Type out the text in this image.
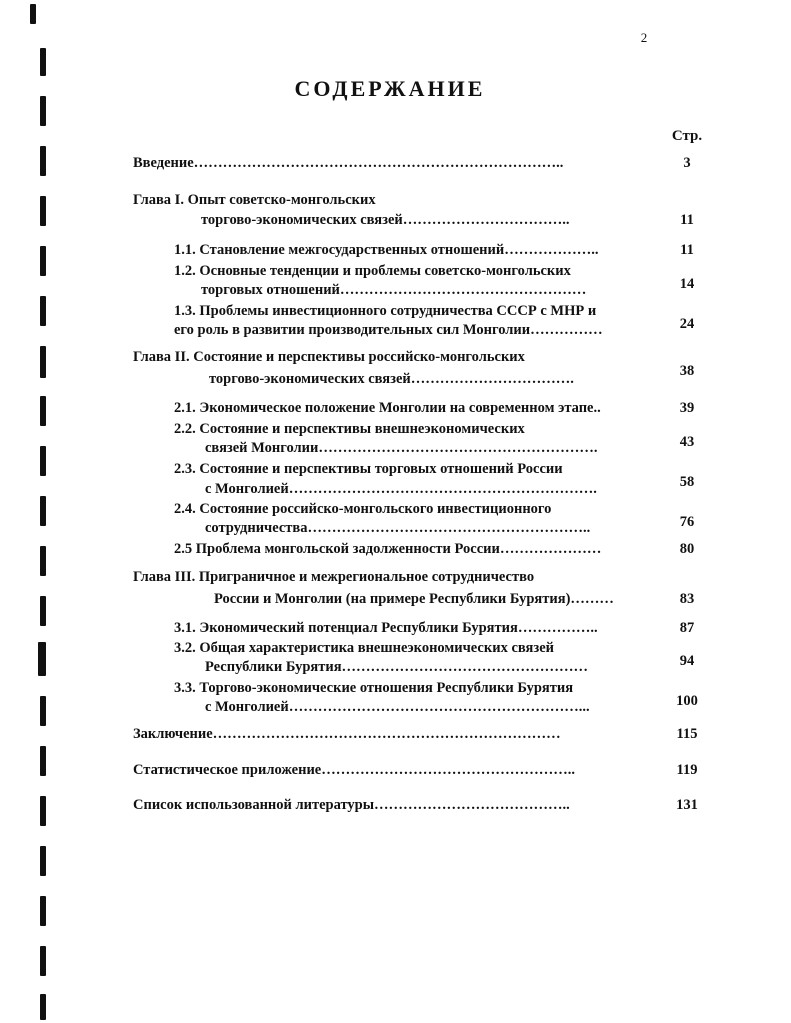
2
СОДЕРЖАНИЕ
Стр.
Введение…………………………………………………………………..	3
Глава I. Опыт советско-монгольских
торгово-экономических связей……………………………..	11
1.1. Становление межгосударственных отношений………………..	11
1.2. Основные тенденции и проблемы советско-монгольских
торговых отношений……………………………………………	14
1.3. Проблемы инвестиционного сотрудничества СССР с МНР и
его роль в развитии производительных сил Монголии……………	24
Глава II. Состояние и перспективы российско-монгольских
торгово-экономических связей…………………………….	38
2.1. Экономическое положение Монголии на современном этапе..	39
2.2. Состояние и перспективы внешнеэкономических
связей Монголии………………………………………………….	43
2.3. Состояние и перспективы торговых отношений России
с Монголией……………………………………………………….	58
2.4. Состояние российско-монгольского инвестиционного
сотрудничества…………………………………………………..	76
2.5 Проблема монгольской задолженности России…………………	80
Глава III. Приграничное и межрегиональное сотрудничество
России и Монголии (на примере Республики Бурятия)………	83
3.1. Экономический потенциал Республики Бурятия……………..	87
3.2. Общая характеристика внешнеэкономических связей
Республики Бурятия……………………………………………	94
3.3. Торгово-экономические отношения Республики Бурятия
с Монголией……………………………………………………...	100
Заключение………………………………………………………………	115
Статистическое приложение……………………………………………..	119
Список использованной литературы…………………………………..	131
